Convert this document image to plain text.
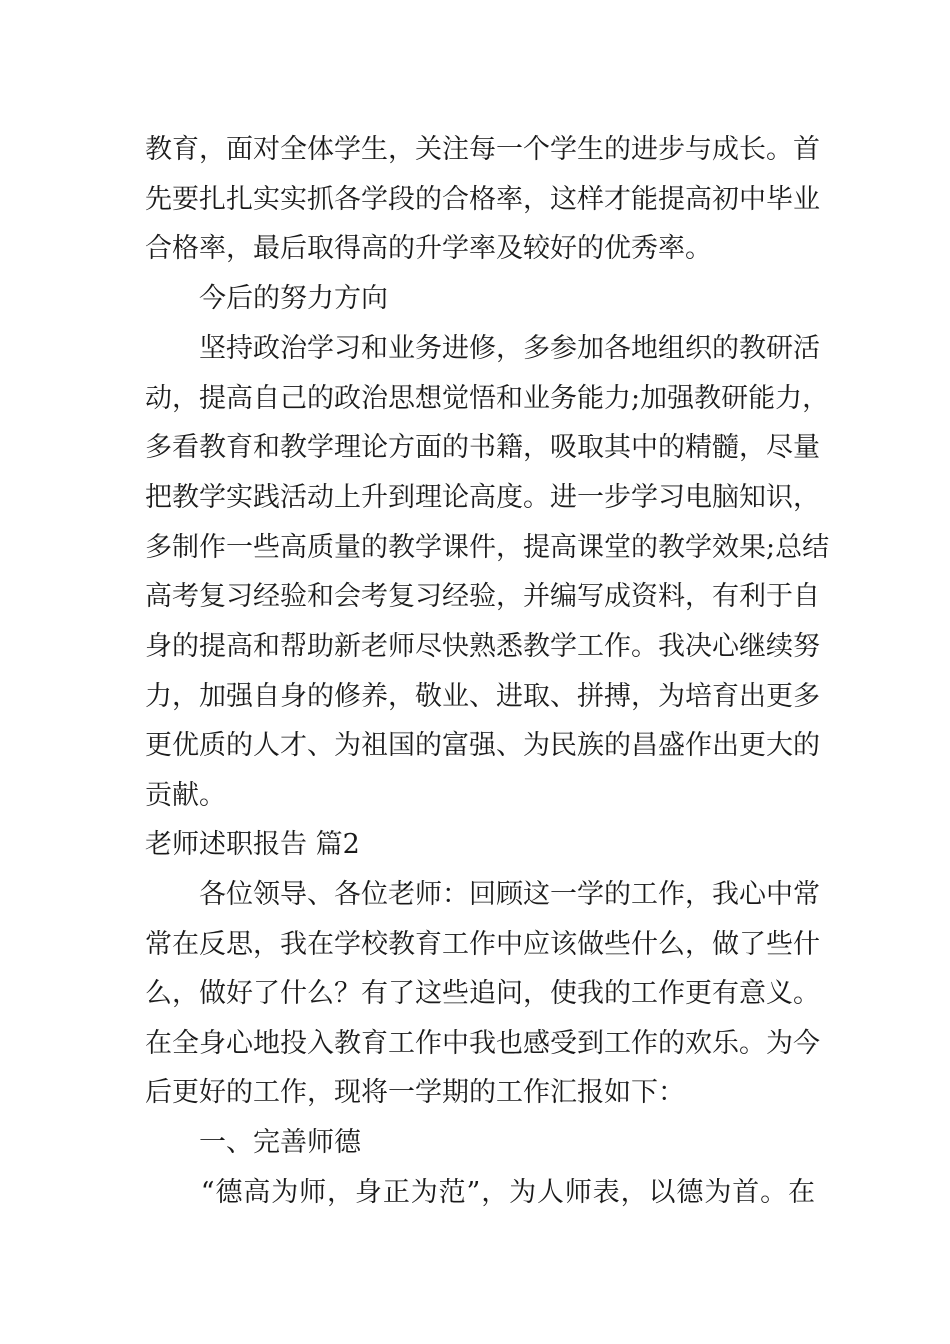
教育，面对全体学生，关注每一个学生的进步与成长。首
先要扎扎实实抓各学段的合格率，这样才能提高初中毕业
合格率，最后取得高的升学率及较好的优秀率。
　　今后的努力方向
　　坚持政治学习和业务进修，多参加各地组织的教研活
动，提高自己的政治思想觉悟和业务能力;加强教研能力，
多看教育和教学理论方面的书籍，吸取其中的精髓，尽量
把教学实践活动上升到理论高度。进一步学习电脑知识，
多制作一些高质量的教学课件，提高课堂的教学效果;总结
高考复习经验和会考复习经验，并编写成资料，有利于自
身的提高和帮助新老师尽快熟悉教学工作。我决心继续努
力，加强自身的修养，敬业、进取、拼搏，为培育出更多
更优质的人才、为祖国的富强、为民族的昌盛作出更大的
贡献。
老师述职报告 篇2
　　各位领导、各位老师：回顾这一学的工作，我心中常
常在反思，我在学校教育工作中应该做些什么，做了些什
么，做好了什么？有了这些追问，使我的工作更有意义。
在全身心地投入教育工作中我也感受到工作的欢乐。为今
后更好的工作，现将一学期的工作汇报如下：
　　一、完善师德
　　“德高为师，身正为范”，为人师表，以德为首。在
